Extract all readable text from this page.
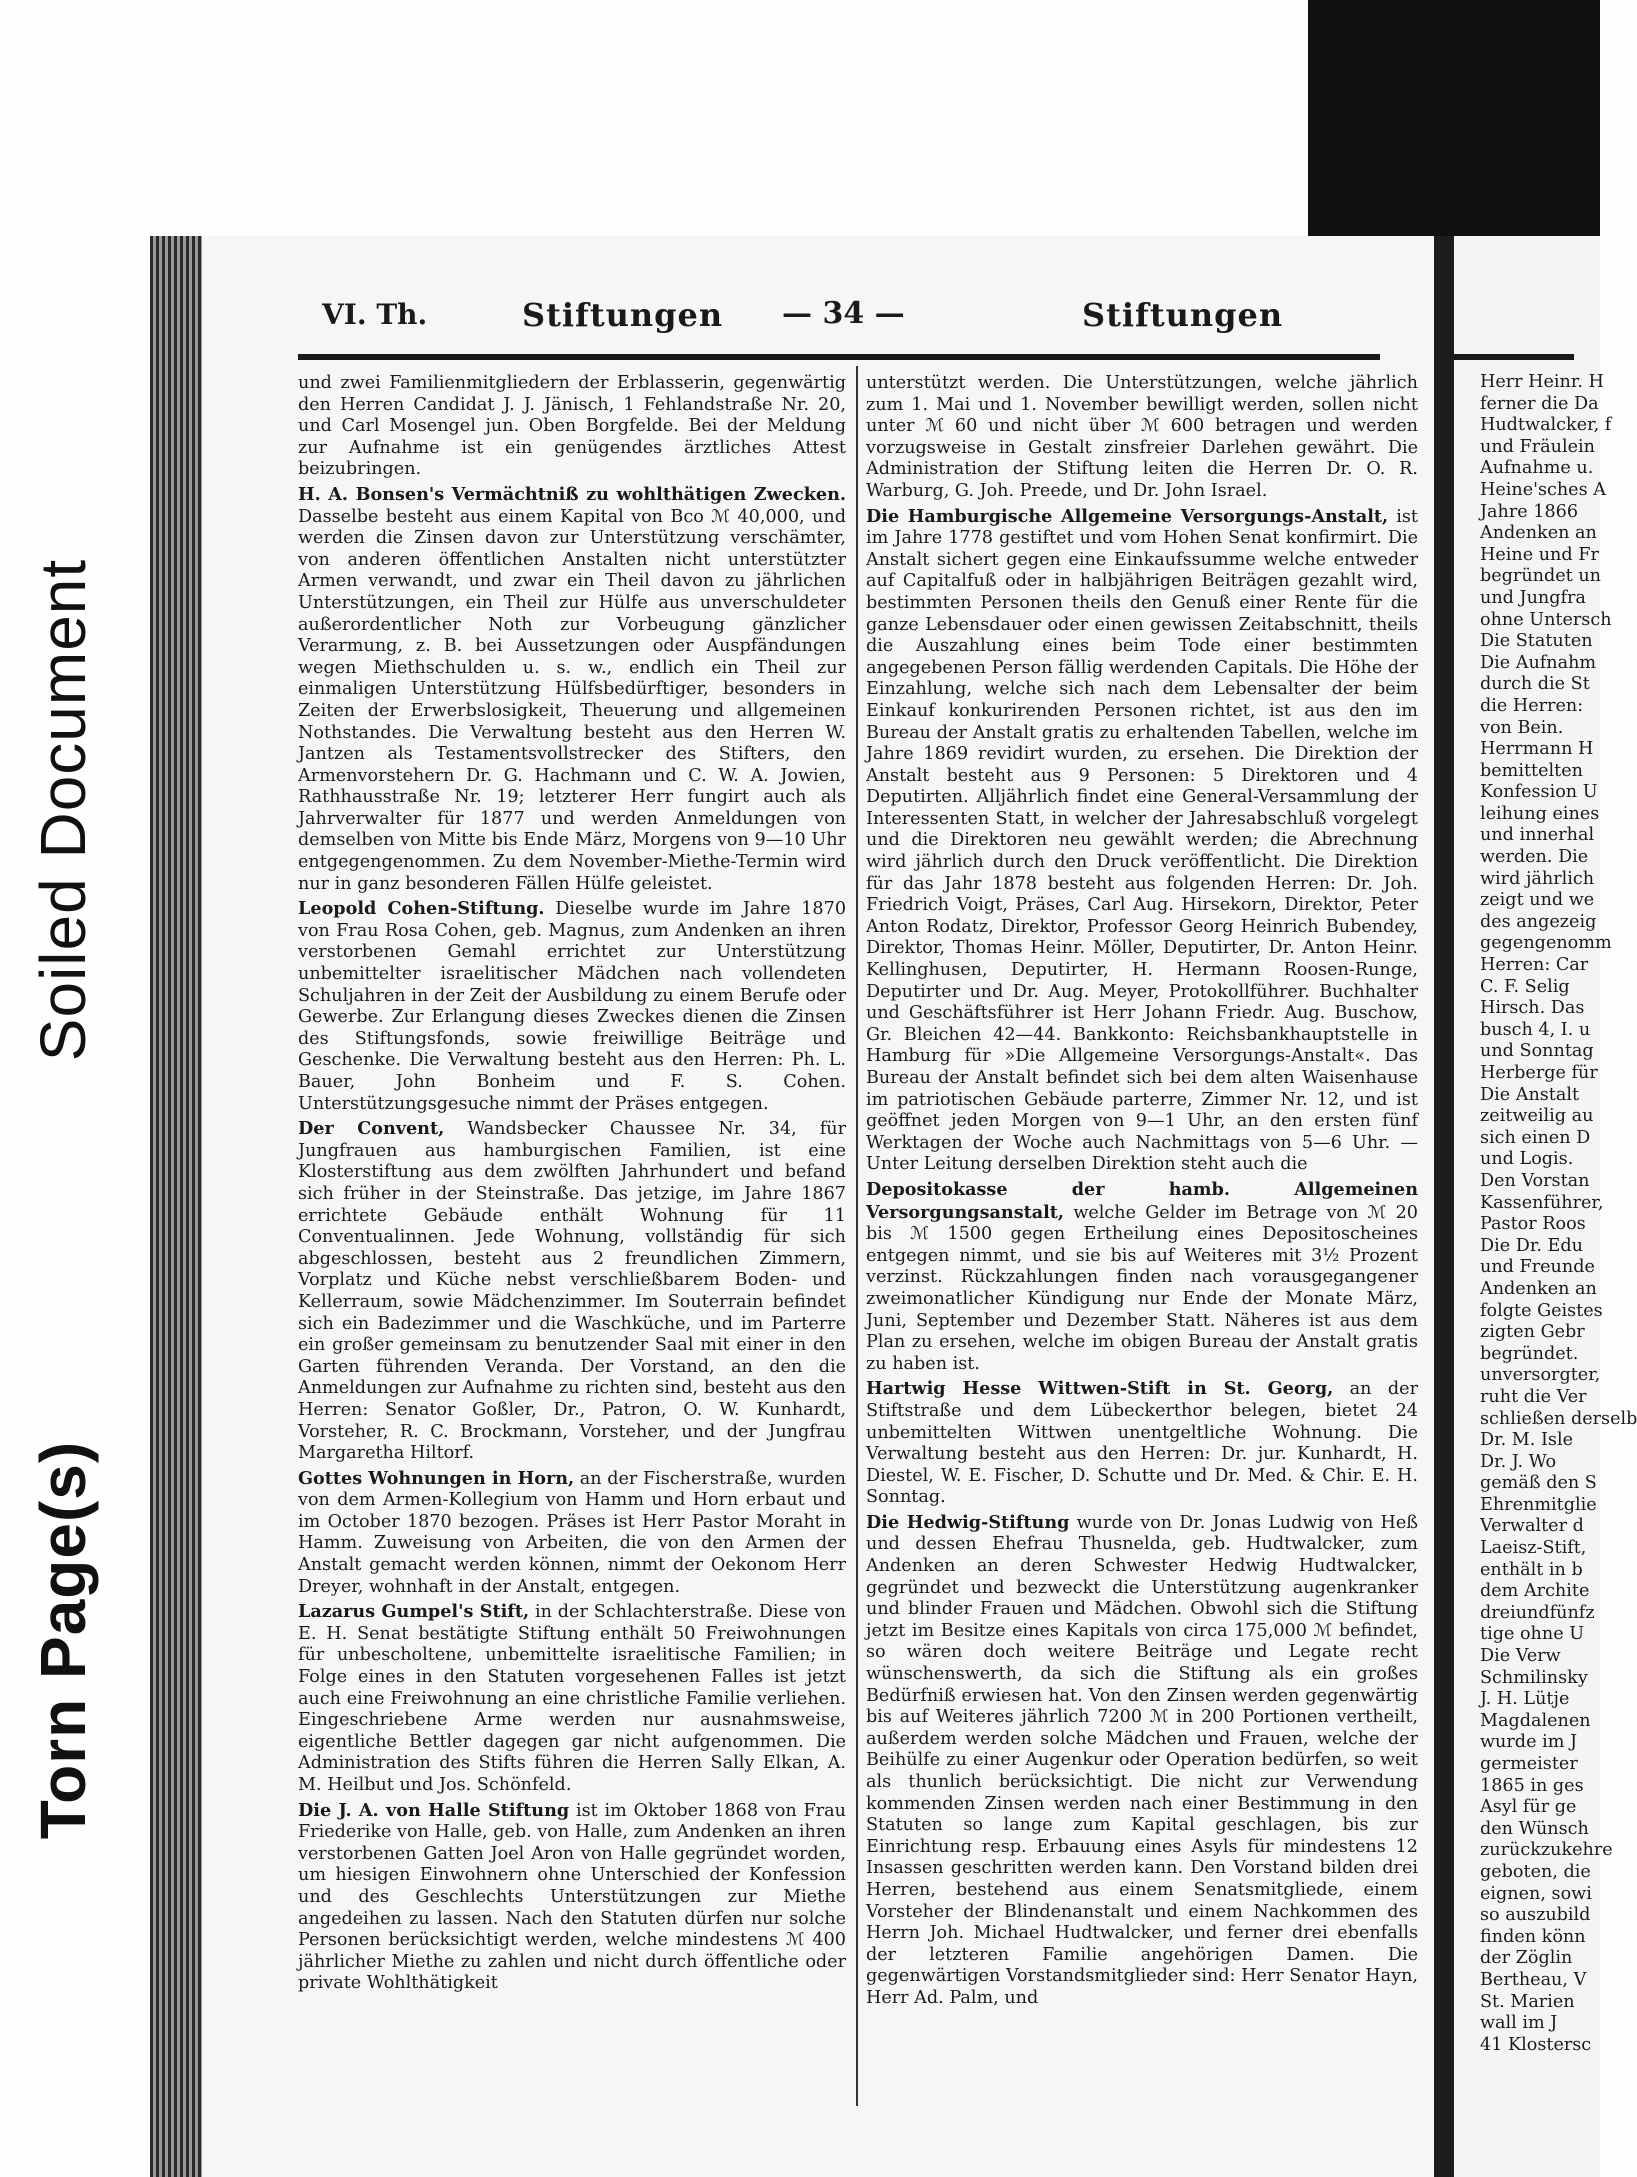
Soiled Document
Torn Page(s)
VI. Th.	Stiftungen — 34 —	Stiftungen

und zwei Familienmitgliedern der Erblasserin, gegenwärtig den Herren Candidat J. J. Jänisch, 1 Fehlandstraße Nr. 20, und Carl Mosengel jun. Oben Borgfelde. Bei der Meldung zur Aufnahme ist ein genügendes ärztliches Attest beizubringen.

H. A. Bonsen's Vermächtniß zu wohlthätigen Zwecken. Dasselbe besteht aus einem Kapital von Bco ℳ 40,000, und werden die Zinsen davon zur Unterstützung verschämter, von anderen öffentlichen Anstalten nicht unterstützter Armen verwandt, und zwar ein Theil davon zu jährlichen Unterstützungen, ein Theil zur Hülfe aus unverschuldeter außerordentlicher Noth zur Vorbeugung gänzlicher Verarmung, z. B. bei Aussetzungen oder Auspfändungen wegen Miethschulden u. s. w., endlich ein Theil zur einmaligen Unterstützung Hülfsbedürftiger, besonders in Zeiten der Erwerbslosigkeit, Theuerung und allgemeinen Nothstandes. Die Verwaltung besteht aus den Herren W. Jantzen als Testamentsvollstrecker des Stifters, den Armenvorstehern Dr. G. Hachmann und C. W. A. Jowien, Rathhausstraße Nr. 19; letzterer Herr fungirt auch als Jahrverwalter für 1877 und werden Anmeldungen von demselben von Mitte bis Ende März, Morgens von 9—10 Uhr entgegengenommen. Zu dem November-Miethe-Termin wird nur in ganz besonderen Fällen Hülfe geleistet.

Leopold Cohen-Stiftung. Dieselbe wurde im Jahre 1870 von Frau Rosa Cohen, geb. Magnus, zum Andenken an ihren verstorbenen Gemahl errichtet zur Unterstützung unbemittelter israelitischer Mädchen nach vollendeten Schuljahren in der Zeit der Ausbildung zu einem Berufe oder Gewerbe. Zur Erlangung dieses Zweckes dienen die Zinsen des Stiftungsfonds, sowie freiwillige Beiträge und Geschenke. Die Verwaltung besteht aus den Herren: Ph. L. Bauer, John Bonheim und F. S. Cohen. Unterstützungsgesuche nimmt der Präses entgegen.

Der Convent, Wandsbecker Chaussee Nr. 34, für Jungfrauen aus hamburgischen Familien, ist eine Klosterstiftung aus dem zwölften Jahrhundert und befand sich früher in der Steinstraße. Das jetzige, im Jahre 1867 errichtete Gebäude enthält Wohnung für 11 Conventualinnen. Jede Wohnung, vollständig für sich abgeschlossen, besteht aus 2 freundlichen Zimmern, Vorplatz und Küche nebst verschließbarem Boden- und Kellerraum, sowie Mädchenzimmer. Im Souterrain befindet sich ein Badezimmer und die Waschküche, und im Parterre ein großer gemeinsam zu benutzender Saal mit einer in den Garten führenden Veranda. Der Vorstand, an den die Anmeldungen zur Aufnahme zu richten sind, besteht aus den Herren: Senator Goßler, Dr., Patron, O. W. Kunhardt, Vorsteher, R. C. Brockmann, Vorsteher, und der Jungfrau Margaretha Hiltorf.

Gottes Wohnungen in Horn, an der Fischerstraße, wurden von dem Armen-Kollegium von Hamm und Horn erbaut und im October 1870 bezogen. Präses ist Herr Pastor Moraht in Hamm. Zuweisung von Arbeiten, die von den Armen der Anstalt gemacht werden können, nimmt der Oekonom Herr Dreyer, wohnhaft in der Anstalt, entgegen.

Lazarus Gumpel's Stift, in der Schlachterstraße. Diese von E. H. Senat bestätigte Stiftung enthält 50 Freiwohnungen für unbescholtene, unbemittelte israelitische Familien; in Folge eines in den Statuten vorgesehenen Falles ist jetzt auch eine Freiwohnung an eine christliche Familie verliehen. Eingeschriebene Arme werden nur ausnahmsweise, eigentliche Bettler dagegen gar nicht aufgenommen. Die Administration des Stifts führen die Herren Sally Elkan, A. M. Heilbut und Jos. Schönfeld.

Die J. A. von Halle Stiftung ist im Oktober 1868 von Frau Friederike von Halle, geb. von Halle, zum Andenken an ihren verstorbenen Gatten Joel Aron von Halle gegründet worden, um hiesigen Einwohnern ohne Unterschied der Konfession und des Geschlechts Unterstützungen zur Miethe angedeihen zu lassen. Nach den Statuten dürfen nur solche Personen berücksichtigt werden, welche mindestens ℳ 400 jährlicher Miethe zu zahlen und nicht durch öffentliche oder private Wohlthätigkeit

unterstützt werden. Die Unterstützungen, welche jährlich zum 1. Mai und 1. November bewilligt werden, sollen nicht unter ℳ 60 und nicht über ℳ 600 betragen und werden vorzugsweise in Gestalt zinsfreier Darlehen gewährt. Die Administration der Stiftung leiten die Herren Dr. O. R. Warburg, G. Joh. Preede, und Dr. John Israel.

Die Hamburgische Allgemeine Versorgungs-Anstalt, ist im Jahre 1778 gestiftet und vom Hohen Senat konfirmirt. Die Anstalt sichert gegen eine Einkaufssumme welche entweder auf Capitalfuß oder in halbjährigen Beiträgen gezahlt wird, bestimmten Personen theils den Genuß einer Rente für die ganze Lebensdauer oder einen gewissen Zeitabschnitt, theils die Auszahlung eines beim Tode einer bestimmten angegebenen Person fällig werdenden Capitals. Die Höhe der Einzahlung, welche sich nach dem Lebensalter der beim Einkauf konkurirenden Personen richtet, ist aus den im Bureau der Anstalt gratis zu erhaltenden Tabellen, welche im Jahre 1869 revidirt wurden, zu ersehen. Die Direktion der Anstalt besteht aus 9 Personen: 5 Direktoren und 4 Deputirten. Alljährlich findet eine General-Versammlung der Interessenten Statt, in welcher der Jahresabschluß vorgelegt und die Direktoren neu gewählt werden; die Abrechnung wird jährlich durch den Druck veröffentlicht. Die Direktion für das Jahr 1878 besteht aus folgenden Herren: Dr. Joh. Friedrich Voigt, Präses, Carl Aug. Hirsekorn, Direktor, Peter Anton Rodatz, Direktor, Professor Georg Heinrich Bubendey, Direktor, Thomas Heinr. Möller, Deputirter, Dr. Anton Heinr. Kellinghusen, Deputirter, H. Hermann Roosen-Runge, Deputirter und Dr. Aug. Meyer, Protokollführer. Buchhalter und Geschäftsführer ist Herr Johann Friedr. Aug. Buschow, Gr. Bleichen 42—44. Bankkonto: Reichsbankhauptstelle in Hamburg für »Die Allgemeine Versorgungs-Anstalt«. Das Bureau der Anstalt befindet sich bei dem alten Waisenhause im patriotischen Gebäude parterre, Zimmer Nr. 12, und ist geöffnet jeden Morgen von 9—1 Uhr, an den ersten fünf Werktagen der Woche auch Nachmittags von 5—6 Uhr. — Unter Leitung derselben Direktion steht auch die

Depositokasse der hamb. Allgemeinen Versorgungsanstalt, welche Gelder im Betrage von ℳ 20 bis ℳ 1500 gegen Ertheilung eines Depositoscheines entgegen nimmt, und sie bis auf Weiteres mit 3½ Prozent verzinst. Rückzahlungen finden nach vorausgegangener zweimonatlicher Kündigung nur Ende der Monate März, Juni, September und Dezember Statt. Näheres ist aus dem Plan zu ersehen, welche im obigen Bureau der Anstalt gratis zu haben ist.

Hartwig Hesse Wittwen-Stift in St. Georg, an der Stiftstraße und dem Lübeckerthor belegen, bietet 24 unbemittelten Wittwen unentgeltliche Wohnung. Die Verwaltung besteht aus den Herren: Dr. jur. Kunhardt, H. Diestel, W. E. Fischer, D. Schutte und Dr. Med. & Chir. E. H. Sonntag.

Die Hedwig-Stiftung wurde von Dr. Jonas Ludwig von Heß und dessen Ehefrau Thusnelda, geb. Hudtwalcker, zum Andenken an deren Schwester Hedwig Hudtwalcker, gegründet und bezweckt die Unterstützung augenkranker und blinder Frauen und Mädchen. Obwohl sich die Stiftung jetzt im Besitze eines Kapitals von circa 175,000 ℳ befindet, so wären doch weitere Beiträge und Legate recht wünschenswerth, da sich die Stiftung als ein großes Bedürfniß erwiesen hat. Von den Zinsen werden gegenwärtig bis auf Weiteres jährlich 7200 ℳ in 200 Portionen vertheilt, außerdem werden solche Mädchen und Frauen, welche der Beihülfe zu einer Augenkur oder Operation bedürfen, so weit als thunlich berücksichtigt. Die nicht zur Verwendung kommenden Zinsen werden nach einer Bestimmung in den Statuten so lange zum Kapital geschlagen, bis zur Einrichtung resp. Erbauung eines Asyls für mindestens 12 Insassen geschritten werden kann. Den Vorstand bilden drei Herren, bestehend aus einem Senatsmitgliede, einem Vorsteher der Blindenanstalt und einem Nachkommen des Herrn Joh. Michael Hudtwalcker, und ferner drei ebenfalls der letzteren Familie angehörigen Damen. Die gegenwärtigen Vorstandsmitglieder sind: Herr Senator Hayn, Herr Ad. Palm, und

Herr Heinr. H
ferner die Da
Hudtwalcker, f
und Fräulein
Aufnahme u.
Heine'sches A
Jahre 1866
Andenken an
Heine und Fr
begründet un
und Jungfra
ohne Untersch
Die Statuten
Die Aufnahm
durch die St
die Herren:
von Bein.
Herrmann H
bemittelten
Konfession U
leihung eines
und innerhal
werden. Die
wird jährlich
zeigt und we
des angezeig
gegengenomm
Herren: Car
C. F. Selig
Hirsch. Das
busch 4, I. u
und Sonntag
Herberge für
Die Anstalt
zeitweilig au
sich einen D
und Logis.
Den Vorstan
Kassenführer,
Pastor Roos
Die Dr. Edu
und Freunde
Andenken an
folgte Geistes
zigten Gebr
begründet.
unversorgter,
ruht die Ver
schließen derselb
Dr. M. Isle
Dr. J. Wo
gemäß den S
Ehrenmitglie
Verwalter d
Laeisz-Stift,
enthält in b
dem Archite
dreiundfünfz
tige ohne U
Die Verw
Schmilinsky
J. H. Lütje
Magdalenen
wurde im J
germeister
1865 in ges
Asyl für ge
den Wünsch
zurückzukehre
geboten, die
eignen, sowi
so auszubild
finden könn
der Zöglin
Bertheau, V
St. Marien
wall im J
41 Klostersc
